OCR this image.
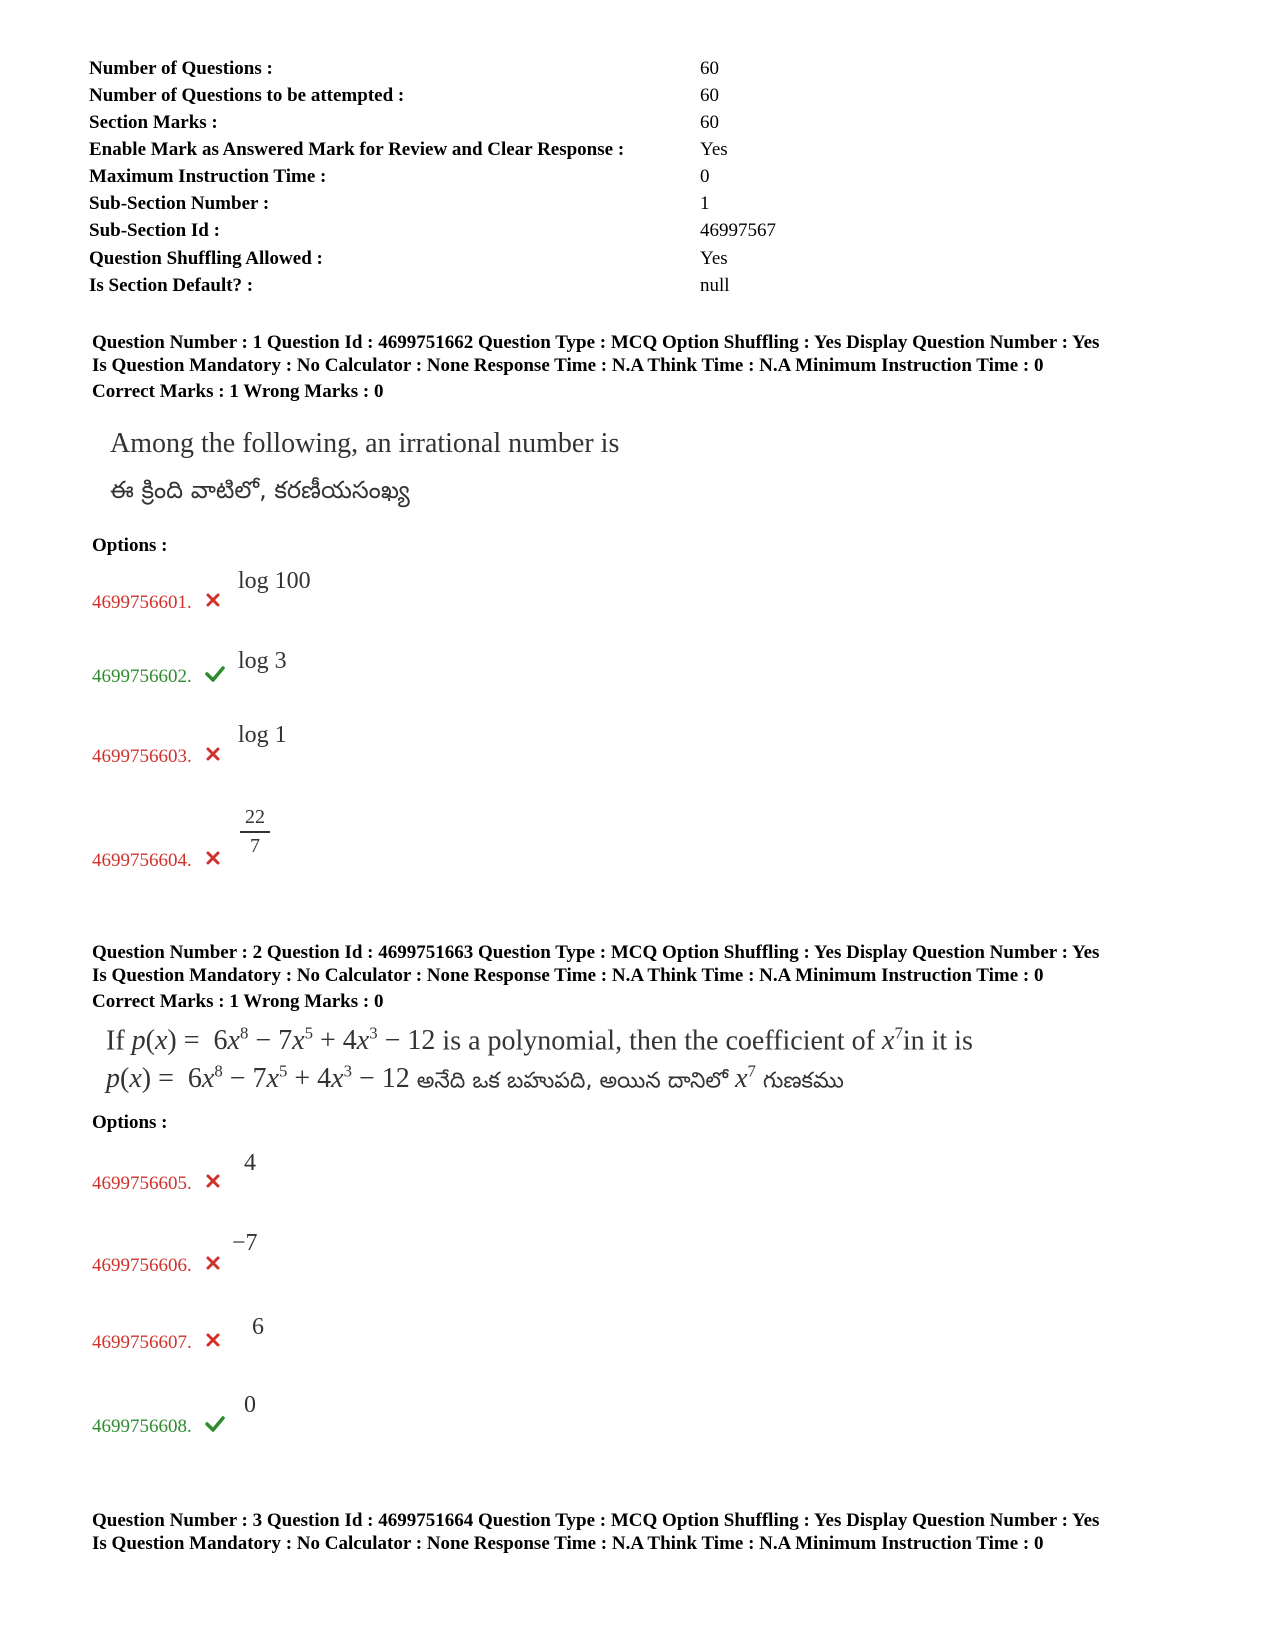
Number of Questions :	60
Number of Questions to be attempted :	60
Section Marks :	60
Enable Mark as Answered Mark for Review and Clear Response :	Yes
Maximum Instruction Time :	0
Sub-Section Number :	1
Sub-Section Id :	46997567
Question Shuffling Allowed :	Yes
Is Section Default? :	null
Question Number : 1 Question Id : 4699751662 Question Type : MCQ Option Shuffling : Yes Display Question Number : Yes
Is Question Mandatory : No Calculator : None Response Time : N.A Think Time : N.A Minimum Instruction Time : 0
Correct Marks : 1 Wrong Marks : 0
Among the following, an irrational number is
ఈ క్రింది వాటిలో, కరణీయసంఖ్య
Options :
4699756601.
log 100
4699756602.
log 3
4699756603.
log 1
4699756604.
22
7
Question Number : 2 Question Id : 4699751663 Question Type : MCQ Option Shuffling : Yes Display Question Number : Yes
Is Question Mandatory : No Calculator : None Response Time : N.A Think Time : N.A Minimum Instruction Time : 0
Correct Marks : 1 Wrong Marks : 0
If $p(x) = 6x^8 - 7x^5 + 4x^3 - 12$ is a polynomial, then the coefficient of $x^7in$ it is
$p(x) = 6x^8 - 7x^5 + 4x^3 - 12$ అనేది ఒక బహుపది, అయిన దానిలో $x^7$ గుణకము
Options :
4699756605.
4
4699756606.
−7
4699756607.
6
4699756608.
0
Question Number : 3 Question Id : 4699751664 Question Type : MCQ Option Shuffling : Yes Display Question Number : Yes
Is Question Mandatory : No Calculator : None Response Time : N.A Think Time : N.A Minimum Instruction Time : 0
